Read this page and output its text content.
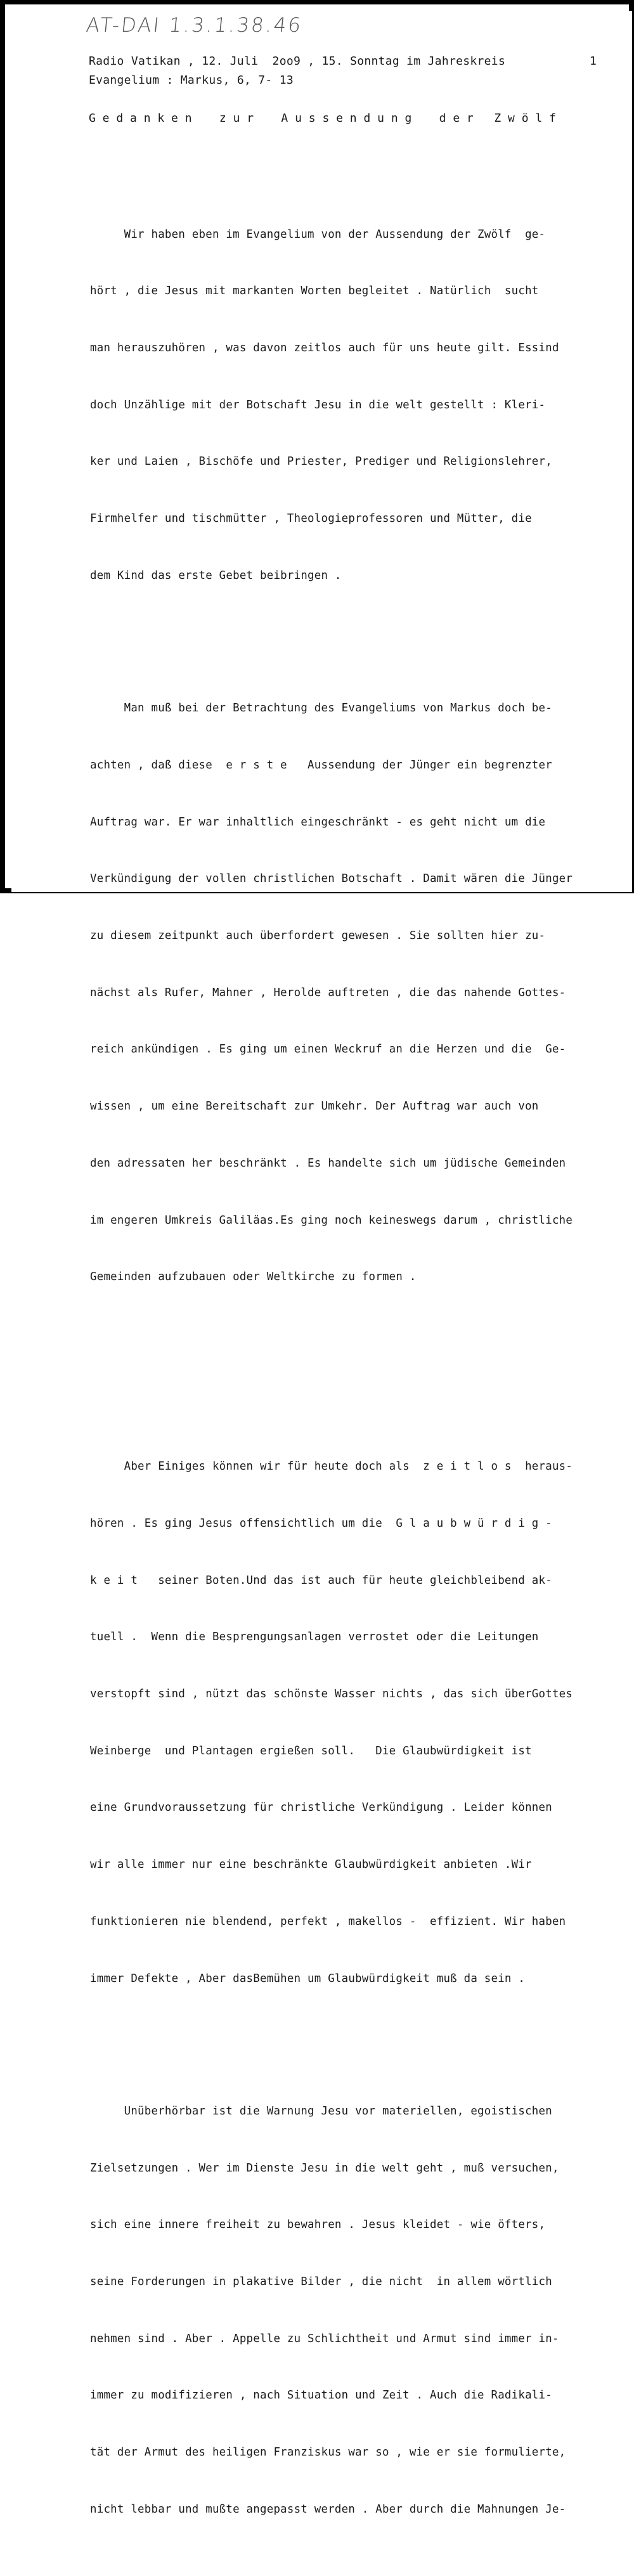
AT-DAI 1.3.1.38.46
Radio Vatikan , 12. Juli  2oo9 , 15. Sonntag im Jahreskreis	1
Evangelium : Markus, 6, 7- 13
G e d a n k e n    z u r    A u s s e n d u n g    d e r   Z w ö l f

Wir haben eben im Evangelium von der Aussendung der Zwölf  ge-

hört , die Jesus mit markanten Worten begleitet . Natürlich  sucht

man herauszuhören , was davon zeitlos auch für uns heute gilt. Essind

doch Unzählige mit der Botschaft Jesu in die welt gestellt : Kleri-

ker und Laien , Bischöfe und Priester, Prediger und Religionslehrer,

Firmhelfer und tischmütter , Theologieprofessoren und Mütter, die

dem Kind das erste Gebet beibringen .

Man muß bei der Betrachtung des Evangeliums von Markus doch be-

achten , daß diese  e r s t e   Aussendung der Jünger ein begrenzter

Auftrag war. Er war inhaltlich eingeschränkt - es geht nicht um die

Verkündigung der vollen christlichen Botschaft . Damit wären die Jünger

zu diesem zeitpunkt auch überfordert gewesen . Sie sollten hier zu-

nächst als Rufer, Mahner , Herolde auftreten , die das nahende Gottes-

reich ankündigen . Es ging um einen Weckruf an die Herzen und die  Ge-

wissen , um eine Bereitschaft zur Umkehr. Der Auftrag war auch von

den adressaten her beschränkt . Es handelte sich um jüdische Gemeinden

im engeren Umkreis Galiläas.Es ging noch keineswegs darum , christliche

Gemeinden aufzubauen oder Weltkirche zu formen .

Aber Einiges können wir für heute doch als  z e i t l o s  heraus-

hören . Es ging Jesus offensichtlich um die  G l a u b w ü r d i g -

k e i t   seiner Boten.Und das ist auch für heute gleichbleibend ak-

tuell .  Wenn die Besprengungsanlagen verrostet oder die Leitungen

verstopft sind , nützt das schönste Wasser nichts , das sich überGottes

Weinberge  und Plantagen ergießen soll.   Die Glaubwürdigkeit ist

eine Grundvoraussetzung für christliche Verkündigung . Leider können

wir alle immer nur eine beschränkte Glaubwürdigkeit anbieten .Wir

funktionieren nie blendend, perfekt , makellos -  effizient. Wir haben

immer Defekte , Aber dasBemühen um Glaubwürdigkeit muß da sein .

Unüberhörbar ist die Warnung Jesu vor materiellen, egoistischen

Zielsetzungen . Wer im Dienste Jesu in die welt geht , muß versuchen,

sich eine innere freiheit zu bewahren . Jesus kleidet - wie öfters,

seine Forderungen in plakative Bilder , die nicht  in allem wörtlich

nehmen sind . Aber . Appelle zu Schlichtheit und Armut sind immer in-

immer zu modifizieren , nach Situation und Zeit . Auch die Radikali-

tät der Armut des heiligen Franziskus war so , wie er sie formulierte,

nicht lebbar und mußte angepasst werden . Aber durch die Mahnungen Je-
